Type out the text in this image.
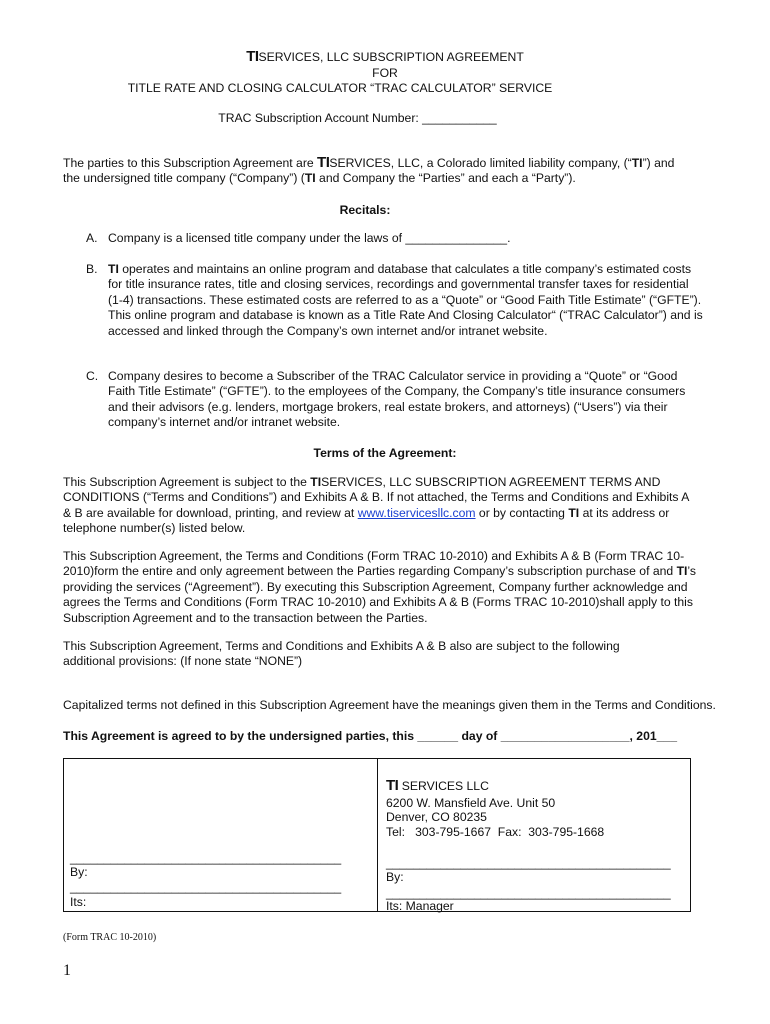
TISERVICES, LLC SUBSCRIPTION AGREEMENT
FOR
TITLE RATE AND CLOSING CALCULATOR “TRAC CALCULATOR” SERVICE
TRAC Subscription Account Number: ___________
The parties to this Subscription Agreement are TISERVICES, LLC, a Colorado limited liability company, (“TI”) and
the undersigned title company (“Company”) (TI and Company the “Parties” and each a “Party”).
Recitals:
A. Company is a licensed title company under the laws of _______________.
B. TI operates and maintains an online program and database that calculates a title company’s estimated costs for title insurance rates, title and closing services, recordings and governmental transfer taxes for residential (1-4) transactions. These estimated costs are referred to as a “Quote” or “Good Faith Title Estimate” (“GFTE”). This online program and database is known as a Title Rate And Closing Calculator“ (“TRAC Calculator”) and is accessed and linked through the Company’s own internet and/or intranet website.
C. Company desires to become a Subscriber of the TRAC Calculator service in providing a “Quote” or “Good Faith Title Estimate” (“GFTE”). to the employees of the Company, the Company’s title insurance consumers and their advisors (e.g. lenders, mortgage brokers, real estate brokers, and attorneys) (“Users”) via their company’s internet and/or intranet website.
Terms of the Agreement:
This Subscription Agreement is subject to the TISERVICES, LLC SUBSCRIPTION AGREEMENT TERMS AND CONDITIONS (“Terms and Conditions”) and Exhibits A & B. If not attached, the Terms and Conditions and Exhibits A & B are available for download, printing, and review at www.tiservicesllc.com or by contacting TI at its address or telephone number(s) listed below.
This Subscription Agreement, the Terms and Conditions (Form TRAC 10-2010) and Exhibits A & B (Form TRAC 10-2010)form the entire and only agreement between the Parties regarding Company’s subscription purchase of and TI’s providing the services (“Agreement”). By executing this Subscription Agreement, Company further acknowledge and agrees the Terms and Conditions (Form TRAC 10-2010) and Exhibits A & B (Forms TRAC 10-2010)shall apply to this Subscription Agreement and to the transaction between the Parties.
This Subscription Agreement, Terms and Conditions and Exhibits A & B also are subject to the following additional provisions: (If none state “NONE”)
Capitalized terms not defined in this Subscription Agreement have the meanings given them in the Terms and Conditions.
This Agreement is agreed to by the undersigned parties, this ______ day of ___________________, 201___
________________________________________
By:
________________________________________
Its:
TI SERVICES LLC
6200 W. Mansfield Ave. Unit 50
Denver, CO 80235
Tel:   303-795-1667  Fax:  303-795-1668
__________________________________________
By:
__________________________________________
Its: Manager
(Form TRAC 10-2010)
1
